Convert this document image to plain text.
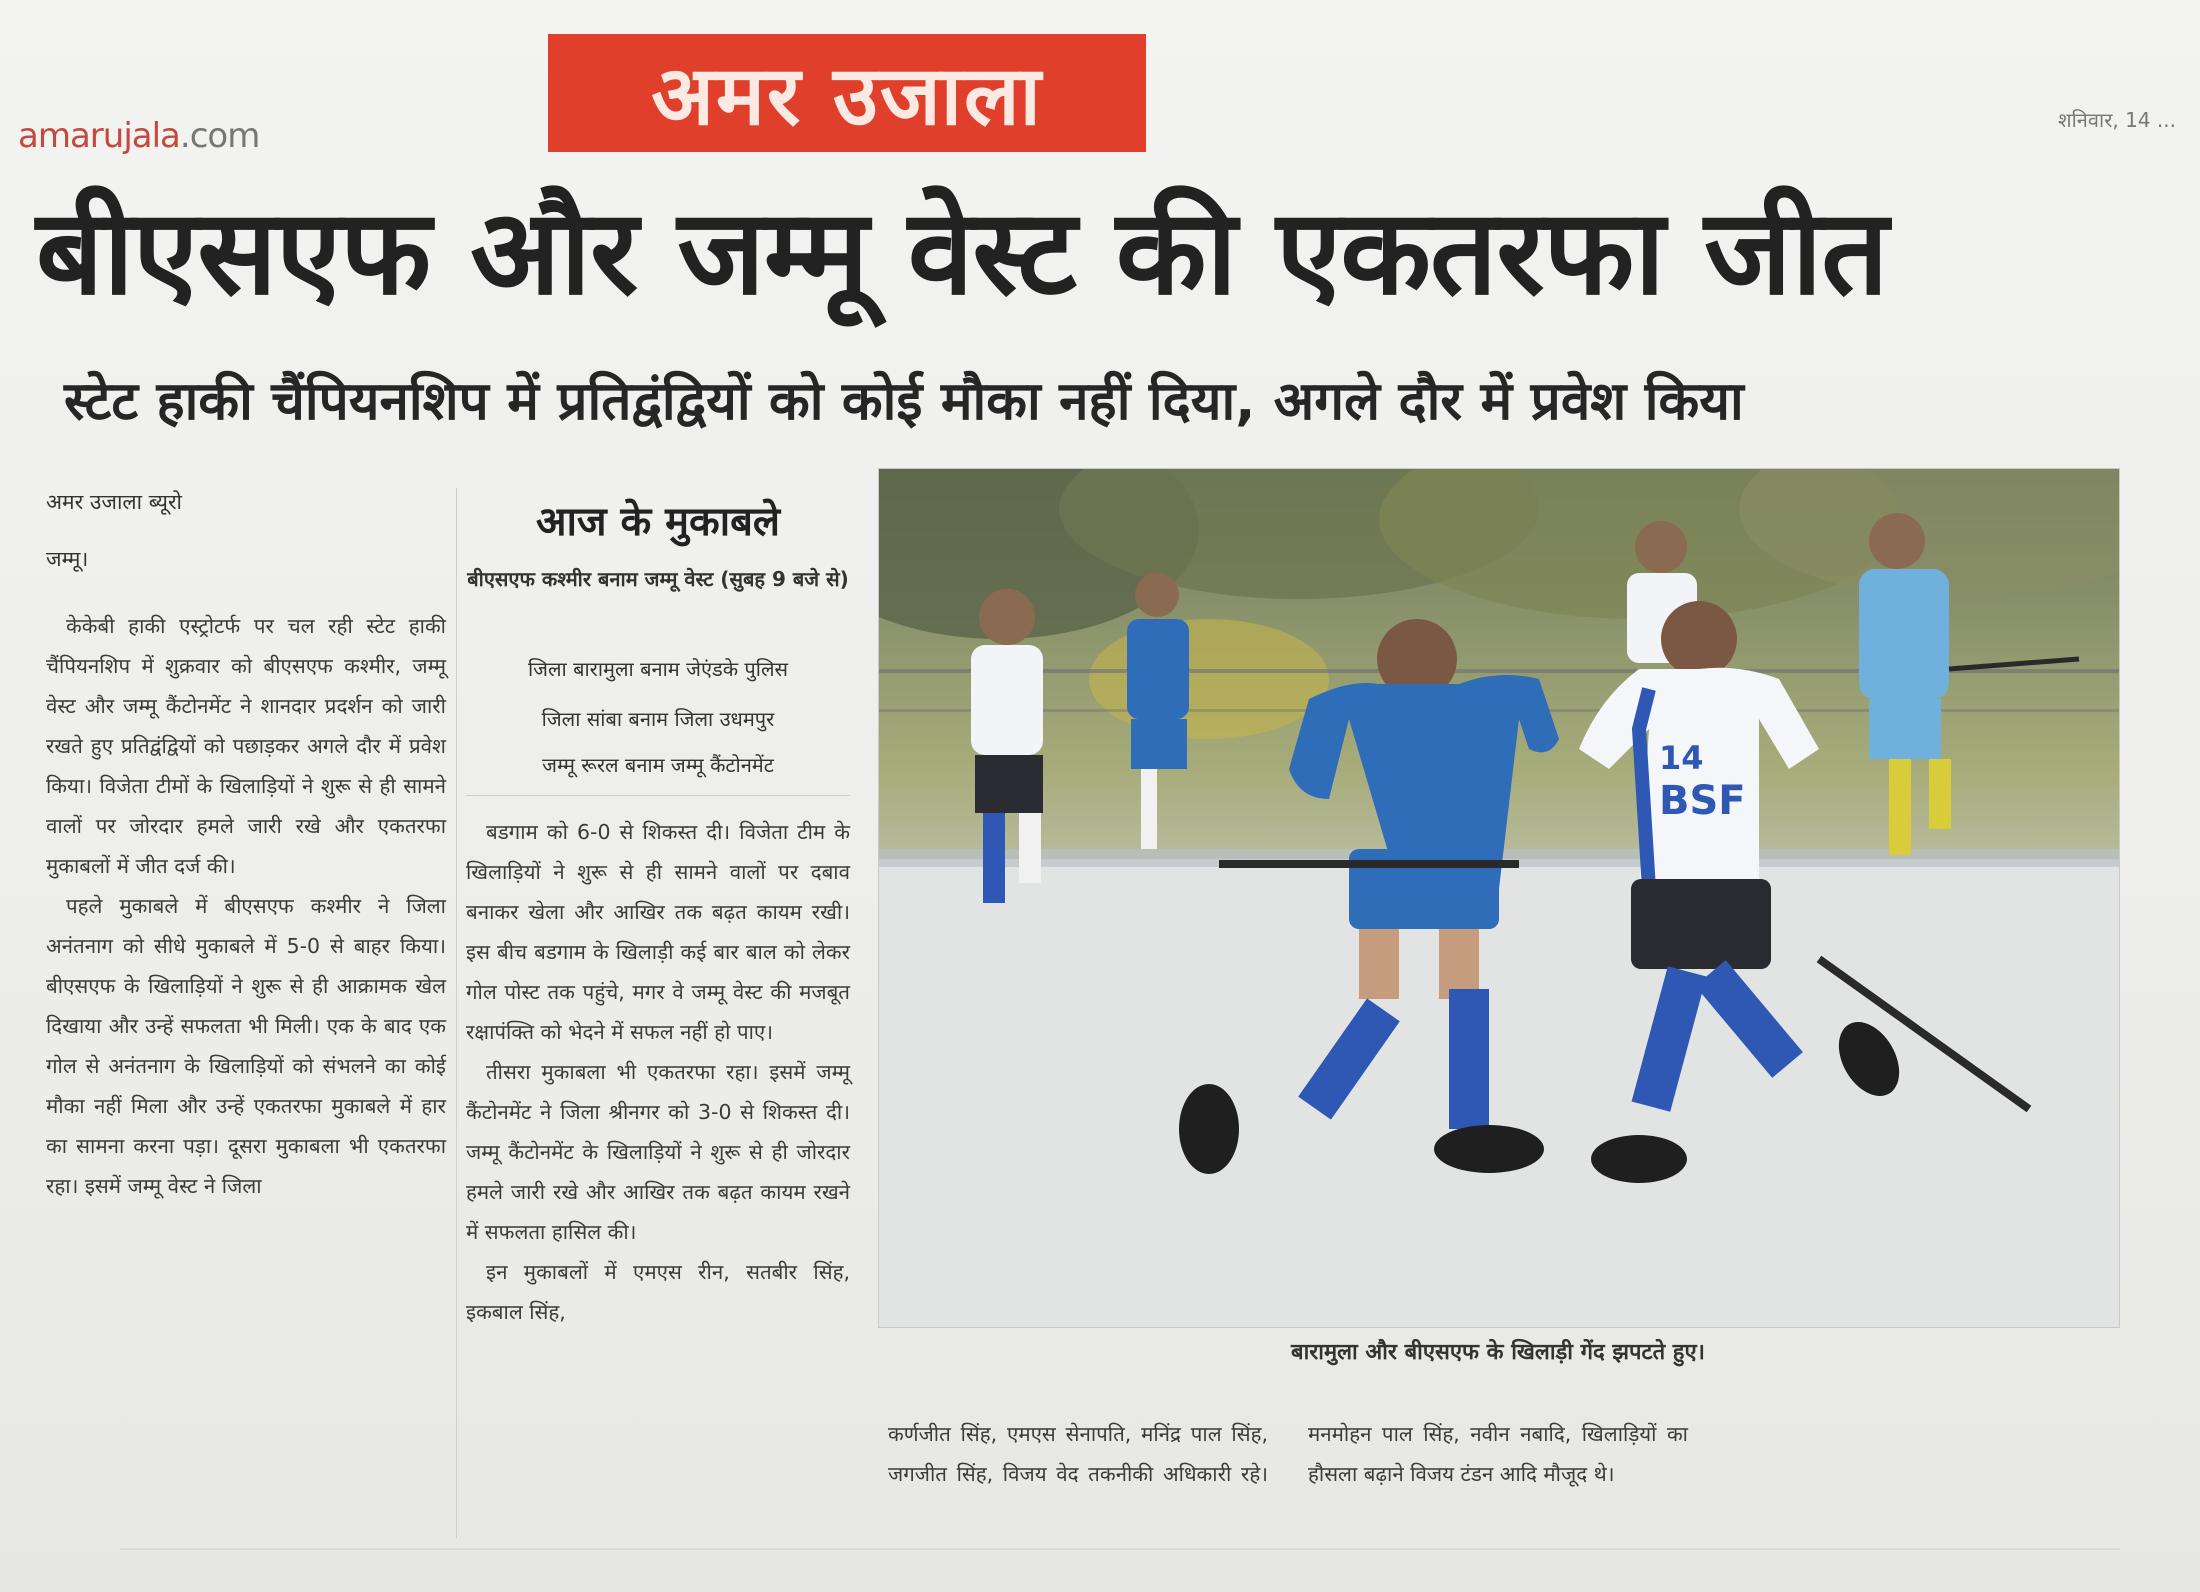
amarujala.com	अमर उजाला	शनिवार, 14 ...
बीएसएफ और जम्मू वेस्ट की एकतरफा जीत
स्टेट हाकी चैंपियनशिप में प्रतिद्वंद्वियों को कोई मौका नहीं दिया, अगले दौर में प्रवेश किया
अमर उजाला ब्यूरो
जम्मू।

केकेबी हाकी एस्ट्रोटर्फ पर चल रही स्टेट हाकी चैंपियनशिप में शुक्रवार को बीएसएफ कश्मीर, जम्मू वेस्ट और जम्मू कैंटोनमेंट ने शानदार प्रदर्शन को जारी रखते हुए प्रतिद्वंद्वियों को पछाड़कर अगले दौर में प्रवेश किया। विजेता टीमों के खिलाड़ियों ने शुरू से ही सामने वालों पर जोरदार हमले जारी रखे और एकतरफा मुकाबलों में जीत दर्ज की।

पहले मुकाबले में बीएसएफ कश्मीर ने जिला अनंतनाग को सीधे मुकाबले में 5-0 से बाहर किया। बीएसएफ के खिलाड़ियों ने शुरू से ही आक्रामक खेल दिखाया और उन्हें सफलता भी मिली। एक के बाद एक गोल से अनंतनाग के खिलाड़ियों को संभलने का कोई मौका नहीं मिला और उन्हें एकतरफा मुकाबले में हार का सामना करना पड़ा। दूसरा मुकाबला भी एकतरफा रहा। इसमें जम्मू वेस्ट ने जिला

आज के मुकाबले
बीएसएफ कश्मीर बनाम जम्मू वेस्ट (सुबह 9 बजे से)
जिला बारामुला बनाम जेएंडके पुलिस
जिला सांबा बनाम जिला उधमपुर
जम्मू रूरल बनाम जम्मू कैंटोनमेंट

बडगाम को 6-0 से शिकस्त दी। विजेता टीम के खिलाड़ियों ने शुरू से ही सामने वालों पर दबाव बनाकर खेला और आखिर तक बढ़त कायम रखी। इस बीच बडगाम के खिलाड़ी कई बार बाल को लेकर गोल पोस्ट तक पहुंचे, मगर वे जम्मू वेस्ट की मजबूत रक्षापंक्ति को भेदने में सफल नहीं हो पाए।

तीसरा मुकाबला भी एकतरफा रहा। इसमें जम्मू कैंटोनमेंट ने जिला श्रीनगर को 3-0 से शिकस्त दी। जम्मू कैंटोनमेंट के खिलाड़ियों ने शुरू से ही जोरदार हमले जारी रखे और आखिर तक बढ़त कायम रखने में सफलता हासिल की।

इन मुकाबलों में एमएस रीन, सतबीर सिंह, इकबाल सिंह,

14
BSF
बारामुला और बीएसएफ के खिलाड़ी गेंद झपटते हुए।
कर्णजीत सिंह, एमएस सेनापति, मनिंद्र पाल सिंह, जगजीत सिंह, विजय वेद तकनीकी अधिकारी रहे। मनमोहन पाल सिंह, नवीन नबादि, खिलाड़ियों का हौसला बढ़ाने विजय टंडन आदि मौजूद थे।
